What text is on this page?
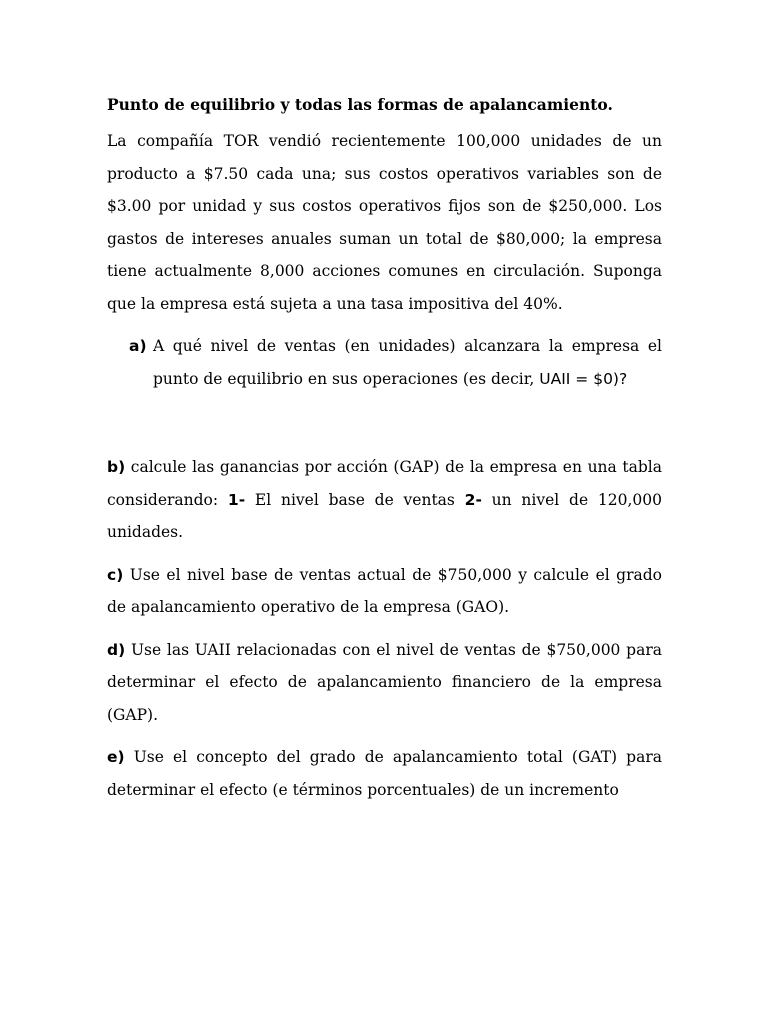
Punto de equilibrio y todas las formas de apalancamiento.

La compañía TOR vendió recientemente 100,000 unidades de un producto a $7.50 cada una; sus costos operativos variables son de $3.00 por unidad y sus costos operativos fijos son de $250,000. Los gastos de intereses anuales suman un total de $80,000; la empresa tiene actualmente 8,000 acciones comunes en circulación. Suponga que la empresa está sujeta a una tasa impositiva del 40%.

a) A qué nivel de ventas (en unidades) alcanzara la empresa el punto de equilibrio en sus operaciones (es decir, UAII = $0)?

b) calcule las ganancias por acción (GAP) de la empresa en una tabla considerando: 1- El nivel base de ventas 2- un nivel de 120,000 unidades.

c) Use el nivel base de ventas actual de $750,000 y calcule el grado de apalancamiento operativo de la empresa (GAO).

d) Use las UAII relacionadas con el nivel de ventas de $750,000 para determinar el efecto de apalancamiento financiero de la empresa (GAP).

e) Use el concepto del grado de apalancamiento total (GAT) para determinar el efecto (e términos porcentuales) de un incremento
